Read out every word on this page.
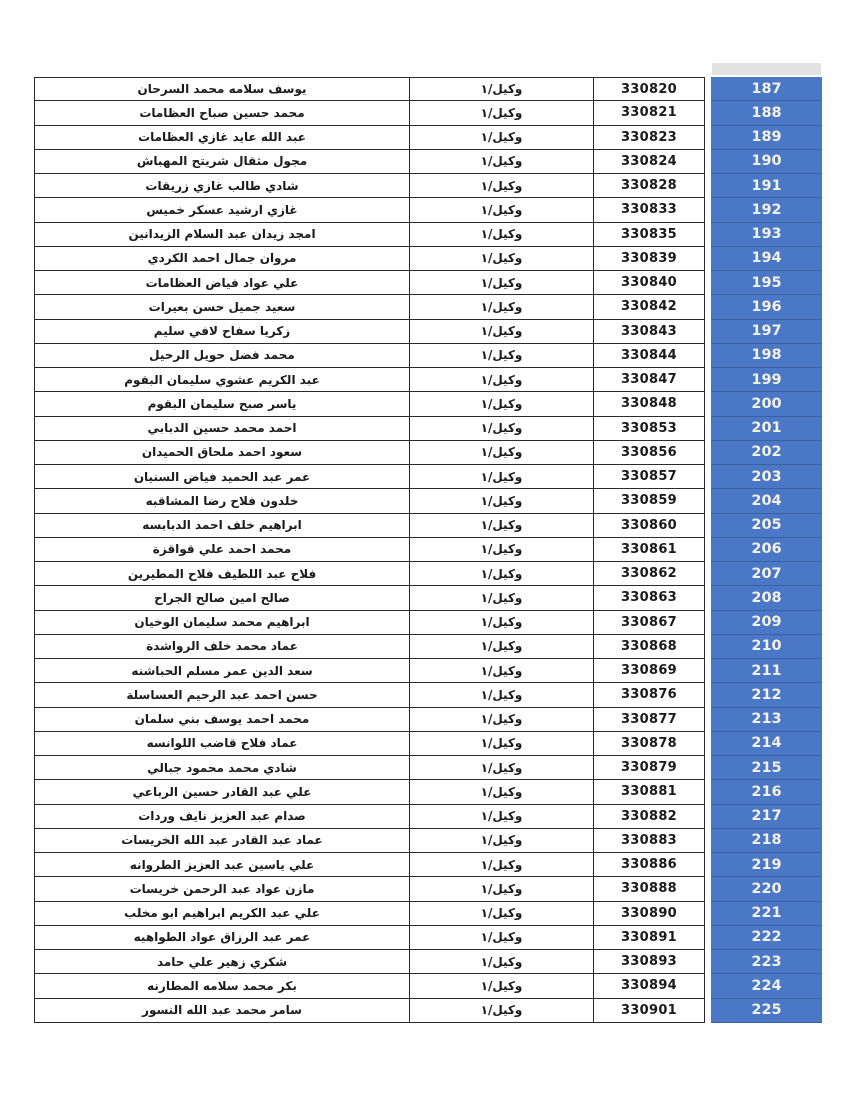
يوسف سلامه محمد السرحان	وكيل/١	330820	187
محمد حسين صباح العظامات	وكيل/١	330821	188
عبد الله عايد غازي العظامات	وكيل/١	330823	189
مجول مثقال شريتح المهباش	وكيل/١	330824	190
شادي طالب غازي زريقات	وكيل/١	330828	191
غازي ارشيد عسكر خميس	وكيل/١	330833	192
امجد زيدان عبد السلام الزيدانين	وكيل/١	330835	193
مروان جمال احمد الكردي	وكيل/١	330839	194
علي عواد فياض العظامات	وكيل/١	330840	195
سعيد جميل حسن بعيرات	وكيل/١	330842	196
زكريا سفاح لافي سليم	وكيل/١	330843	197
محمد فضل حويل الرحيل	وكيل/١	330844	198
عبد الكريم عشوي سليمان البقوم	وكيل/١	330847	199
ياسر صبح سليمان البقوم	وكيل/١	330848	200
احمد محمد حسين الدبابي	وكيل/١	330853	201
سعود احمد ملحاق الحميدان	وكيل/١	330856	202
عمر عبد الحميد فياض السنيان	وكيل/١	330857	203
خلدون فلاح رضا المشاقبه	وكيل/١	330859	204
ابراهيم خلف احمد الدبابسه	وكيل/١	330860	205
محمد احمد علي قواقزة	وكيل/١	330861	206
فلاح عبد اللطيف فلاح المطيرين	وكيل/١	330862	207
صالح امين صالح الجراح	وكيل/١	330863	208
ابراهيم محمد سليمان الوخيان	وكيل/١	330867	209
عماد محمد خلف الرواشدة	وكيل/١	330868	210
سعد الدين عمر مسلم الحباشنه	وكيل/١	330869	211
حسن احمد عبد الرحيم العساسلة	وكيل/١	330876	212
محمد احمد يوسف بني سلمان	وكيل/١	330877	213
عماد فلاح قاضب اللوانسه	وكيل/١	330878	214
شادي محمد محمود جبالي	وكيل/١	330879	215
علي عبد القادر حسين الرباعي	وكيل/١	330881	216
صدام عبد العزيز نايف وردات	وكيل/١	330882	217
عماد عبد القادر عبد الله الخريسات	وكيل/١	330883	218
علي ياسين عبد العزيز الطروانه	وكيل/١	330886	219
مازن عواد عبد الرحمن خريسات	وكيل/١	330888	220
علي عبد الكريم ابراهيم ابو مخلب	وكيل/١	330890	221
عمر عبد الرزاق عواد الطواهيه	وكيل/١	330891	222
شكري زهير علي حامد	وكيل/١	330893	223
بكر محمد سلامه المطارنه	وكيل/١	330894	224
سامر محمد عبد الله النسور	وكيل/١	330901	225
